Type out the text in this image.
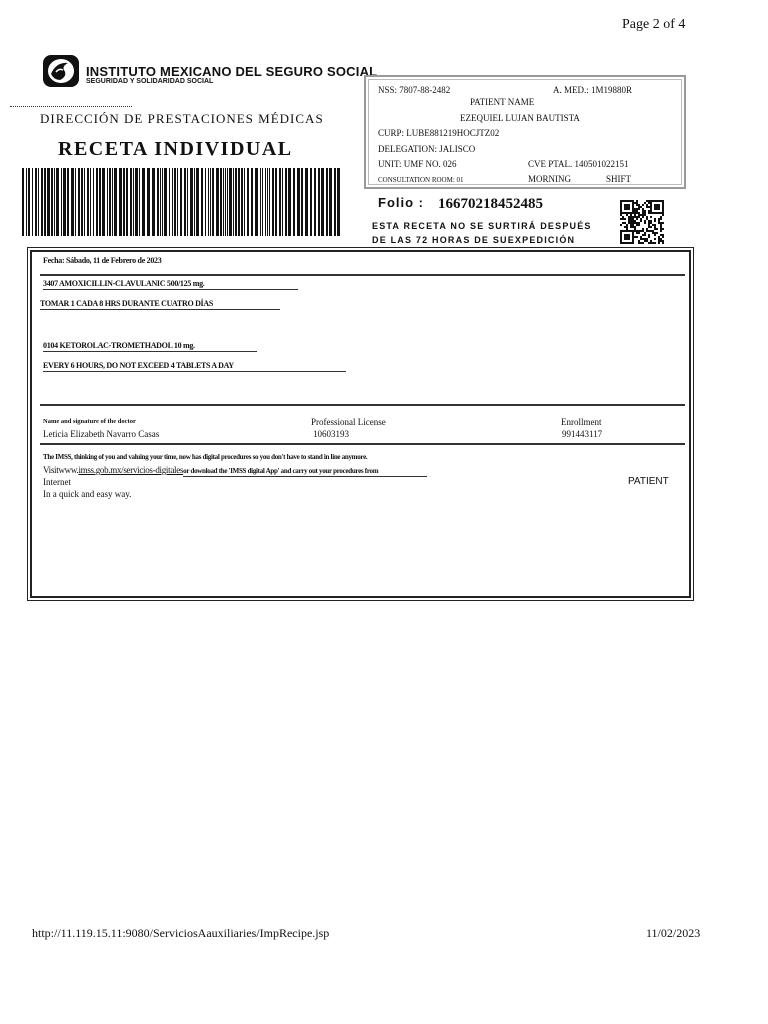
Page 2 of 4
INSTITUTO MEXICANO DEL SEGURO SOCIAL
SEGURIDAD Y SOLIDARIDAD SOCIAL
DIRECCIÓN DE PRESTACIONES MÉDICAS
RECETA INDIVIDUAL
NSS: 7807-88-2482	A. MED.: 1M19880R
PATIENT NAME
EZEQUIEL LUJAN BAUTISTA
CURP: LUBE881219HOCJTZ02
DELEGATION: JALISCO
UNIT: UMF NO. 026	CVE PTAL. 140501022151
CONSULTATION ROOM: 01	MORNING	SHIFT
Folio : 16670218452485
ESTA RECETA NO SE SURTIRÁ DESPUÉS
DE LAS 72 HORAS DE SUEXPEDICIÓN
Fecha: Sábado, 11 de Febrero de 2023
3407 AMOXICILLIN-CLAVULANIC 500/125 mg.
TOMAR 1 CADA 8 HRS DURANTE CUATRO DÍAS
0104 KETOROLAC-TROMETHADOL 10 mg.
EVERY 6 HOURS, DO NOT EXCEED 4 TABLETS A DAY
Name and signature of the doctor
Leticia Elizabeth Navarro Casas
Professional License
10603193
Enrollment
991443117
The IMSS, thinking of you and valuing your time, now has digital procedures so you don't have to stand in line anymore.
Visitwww.imss.gob.mx/servicios-digitalesor download the 'IMSS digital App' and carry out your procedures from
Internet
In a quick and easy way.
PATIENT
http://11.119.15.11:9080/ServiciosAauxiliaries/ImpRecipe.jsp	11/02/2023
